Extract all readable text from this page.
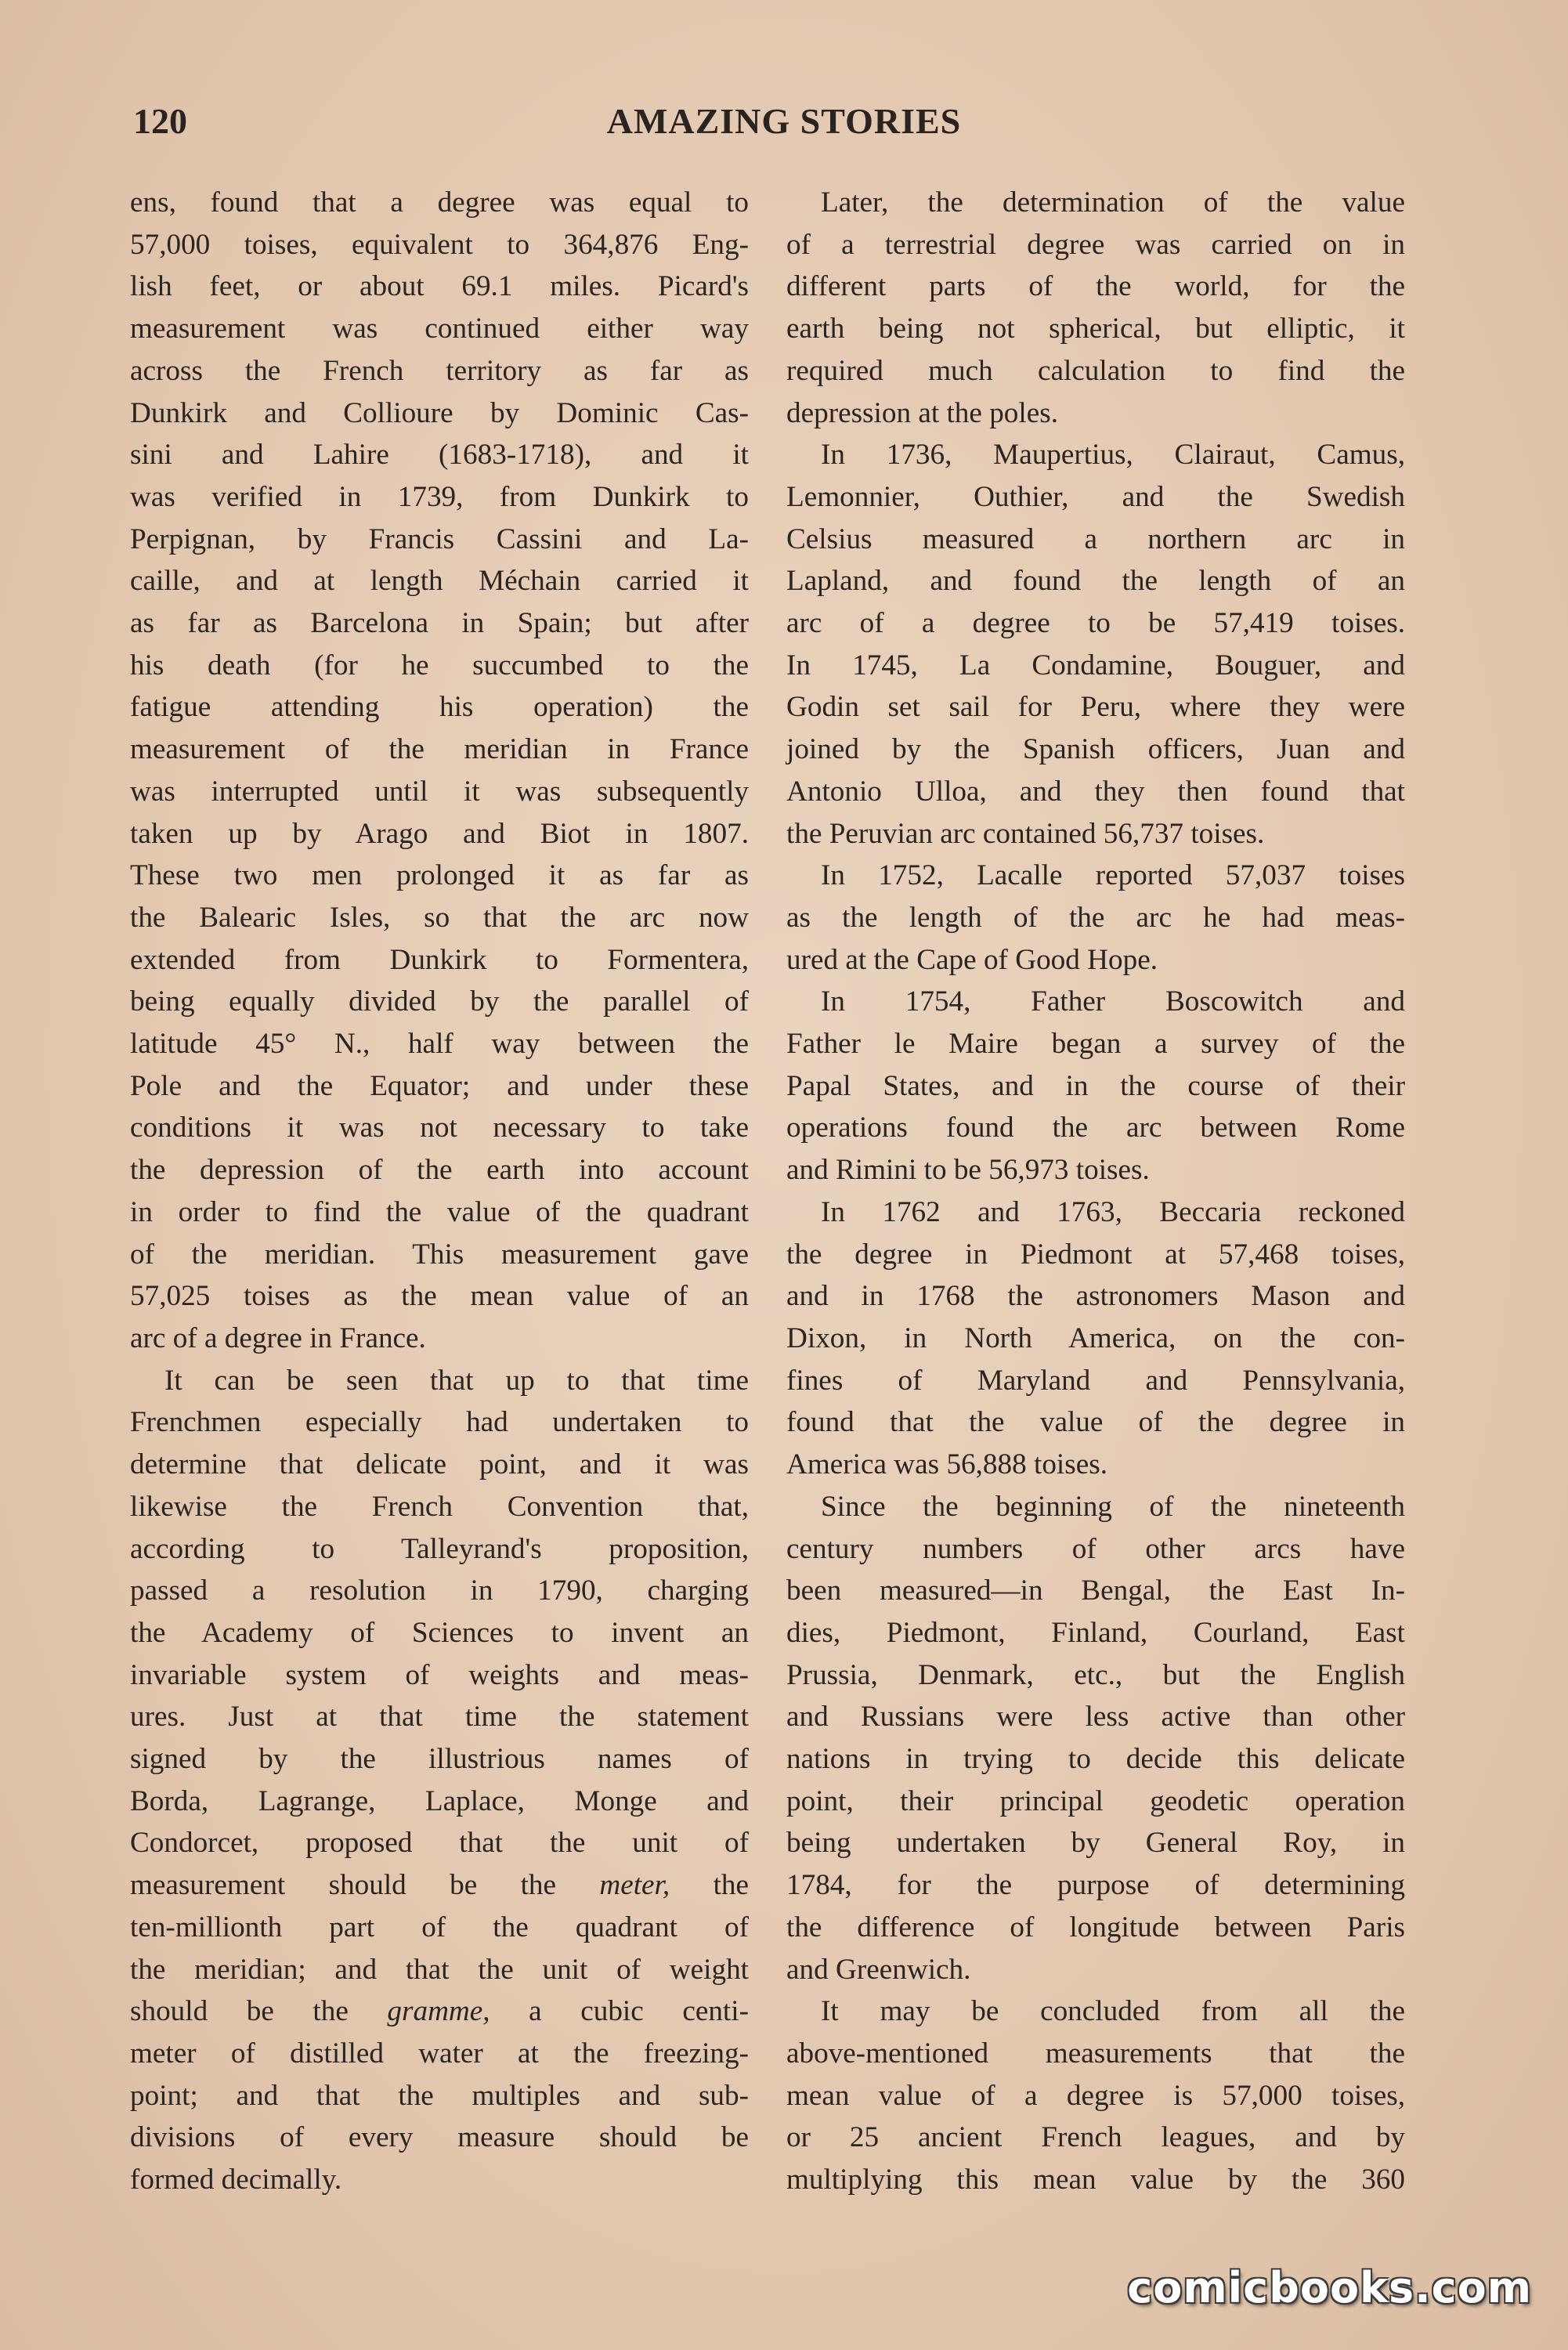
120	AMAZING STORIES
ens, found that a degree was equal to
57,000 toises, equivalent to 364,876 Eng-
lish feet, or about 69.1 miles. Picard's
measurement was continued either way
across the French territory as far as
Dunkirk and Collioure by Dominic Cas-
sini and Lahire (1683-1718), and it
was verified in 1739, from Dunkirk to
Perpignan, by Francis Cassini and La-
caille, and at length Méchain carried it
as far as Barcelona in Spain; but after
his death (for he succumbed to the
fatigue attending his operation) the
measurement of the meridian in France
was interrupted until it was subsequently
taken up by Arago and Biot in 1807.
These two men prolonged it as far as
the Balearic Isles, so that the arc now
extended from Dunkirk to Formentera,
being equally divided by the parallel of
latitude 45° N., half way between the
Pole and the Equator; and under these
conditions it was not necessary to take
the depression of the earth into account
in order to find the value of the quadrant
of the meridian. This measurement gave
57,025 toises as the mean value of an
arc of a degree in France.
It can be seen that up to that time
Frenchmen especially had undertaken to
determine that delicate point, and it was
likewise the French Convention that,
according to Talleyrand's proposition,
passed a resolution in 1790, charging
the Academy of Sciences to invent an
invariable system of weights and meas-
ures. Just at that time the statement
signed by the illustrious names of
Borda, Lagrange, Laplace, Monge and
Condorcet, proposed that the unit of
measurement should be the meter, the
ten-millionth part of the quadrant of
the meridian; and that the unit of weight
should be the gramme, a cubic centi-
meter of distilled water at the freezing-
point; and that the multiples and sub-
divisions of every measure should be
formed decimally.
Later, the determination of the value
of a terrestrial degree was carried on in
different parts of the world, for the
earth being not spherical, but elliptic, it
required much calculation to find the
depression at the poles.
In 1736, Maupertius, Clairaut, Camus,
Lemonnier, Outhier, and the Swedish
Celsius measured a northern arc in
Lapland, and found the length of an
arc of a degree to be 57,419 toises.
In 1745, La Condamine, Bouguer, and
Godin set sail for Peru, where they were
joined by the Spanish officers, Juan and
Antonio Ulloa, and they then found that
the Peruvian arc contained 56,737 toises.
In 1752, Lacalle reported 57,037 toises
as the length of the arc he had meas-
ured at the Cape of Good Hope.
In 1754, Father Boscowitch and
Father le Maire began a survey of the
Papal States, and in the course of their
operations found the arc between Rome
and Rimini to be 56,973 toises.
In 1762 and 1763, Beccaria reckoned
the degree in Piedmont at 57,468 toises,
and in 1768 the astronomers Mason and
Dixon, in North America, on the con-
fines of Maryland and Pennsylvania,
found that the value of the degree in
America was 56,888 toises.
Since the beginning of the nineteenth
century numbers of other arcs have
been measured—in Bengal, the East In-
dies, Piedmont, Finland, Courland, East
Prussia, Denmark, etc., but the English
and Russians were less active than other
nations in trying to decide this delicate
point, their principal geodetic operation
being undertaken by General Roy, in
1784, for the purpose of determining
the difference of longitude between Paris
and Greenwich.
It may be concluded from all the
above-mentioned measurements that the
mean value of a degree is 57,000 toises,
or 25 ancient French leagues, and by
multiplying this mean value by the 360
comicbooks.com
